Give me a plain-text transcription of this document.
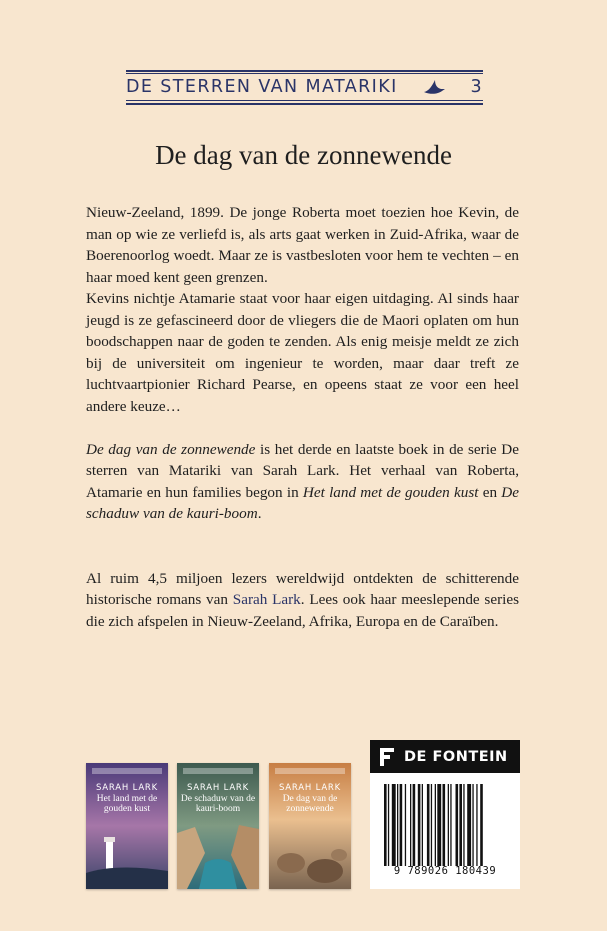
DE STERREN VAN MATARIKI	3
De dag van de zonnewende

Nieuw-Zeeland, 1899. De jonge Roberta moet toezien hoe Kevin, de man op wie ze verliefd is, als arts gaat werken in Zuid-Afrika, waar de Boerenoorlog woedt. Maar ze is vastbesloten voor hem te vechten – en haar moed kent geen grenzen.

Kevins nichtje Atamarie staat voor haar eigen uitdaging. Al sinds haar jeugd is ze gefascineerd door de vliegers die de Maori oplaten om hun boodschappen naar de goden te zenden. Als enig meisje meldt ze zich bij de universiteit om ingenieur te worden, maar daar treft ze luchtvaartpionier Richard Pearse, en opeens staat ze voor een heel andere keuze…

De dag van de zonnewende is het derde en laatste boek in de serie De sterren van Matariki van Sarah Lark. Het verhaal van Roberta, Atamarie en hun families begon in Het land met de gouden kust en De schaduw van de kauri-boom.

Al ruim 4,5 miljoen lezers wereldwijd ontdekten de schitterende historische romans van Sarah Lark. Lees ook haar meeslepende series die zich afspelen in Nieuw-Zeeland, Afrika, Europa en de Caraïben.

SARAH LARK
Het land met de gouden kust
SARAH LARK
De schaduw van de kauri-boom
SARAH LARK
De dag van de zonnewende
DE FONTEIN
9 789026 180439
